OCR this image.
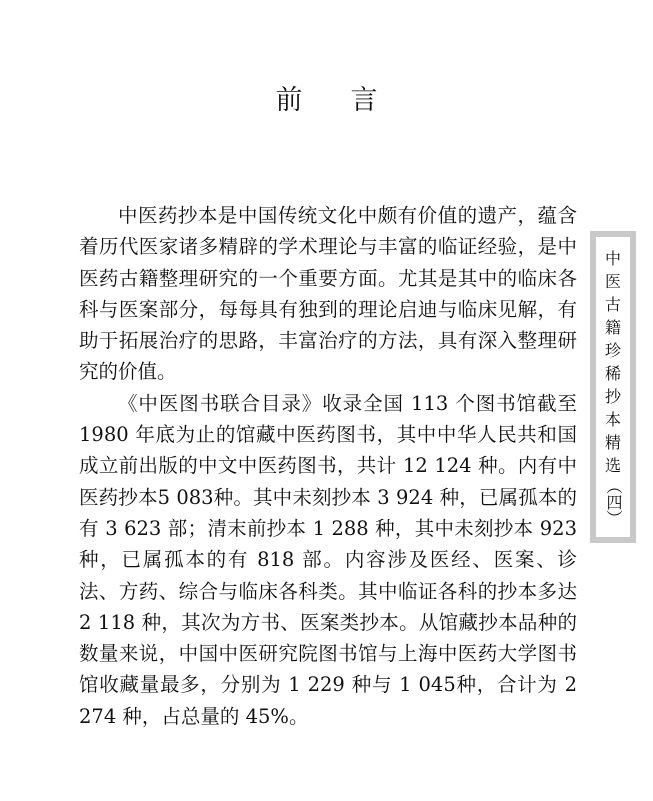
前言

中医药抄本是中国传统文化中颇有价值的遗产，蕴含着历代医家诸多精辟的学术理论与丰富的临证经验，是中医药古籍整理研究的一个重要方面。尤其是其中的临床各科与医案部分，每每具有独到的理论启迪与临床见解，有助于拓展治疗的思路，丰富治疗的方法，具有深入整理研究的价值。

《中医图书联合目录》收录全国 113 个图书馆截至 1980 年底为止的馆藏中医药图书，其中中华人民共和国成立前出版的中文中医药图书，共计 12 124 种。内有中医药抄本5 083种。其中未刻抄本 3 924 种，已属孤本的有 3 623 部；清末前抄本 1 288 种，其中未刻抄本 923 种，已属孤本的有 818 部。内容涉及医经、医案、诊法、方药、综合与临床各科类。其中临证各科的抄本多达 2 118 种，其次为方书、医案类抄本。从馆藏抄本品种的数量来说，中国中医研究院图书馆与上海中医药大学图书馆收藏量最多，分别为 1 229 种与 1 045种，合计为 2 274 种，占总量的 45%。

中医古籍珍稀抄本精选
（四）
